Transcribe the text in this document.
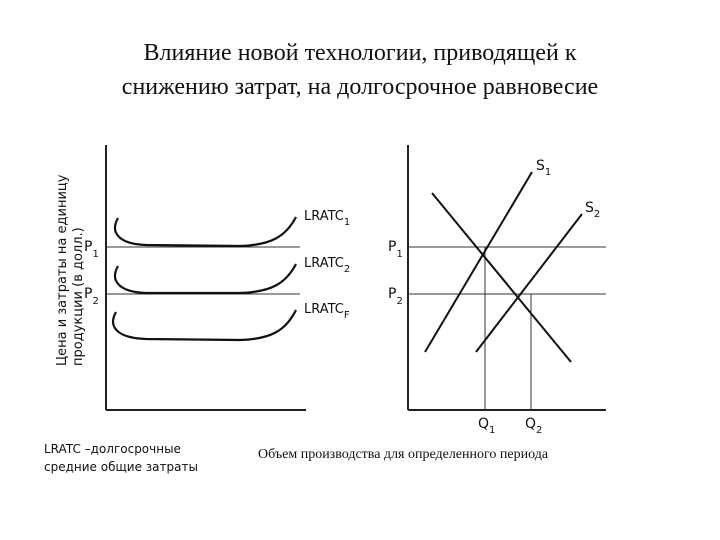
Влияние новой технологии, приводящей к
снижению затрат, на долгосрочное равновесие
Цена и затраты на единицу продукции (в долл.)
$P_1$
$P_2$
$LRATC_1$
$LRATC_2$
$LRATC_F$
$P_1$
$P_2$
$S_1$
$S_2$
$Q_1$ $Q_2$
LRATC –долгосрочные
средние общие затраты
Объем производства для определенного периода
